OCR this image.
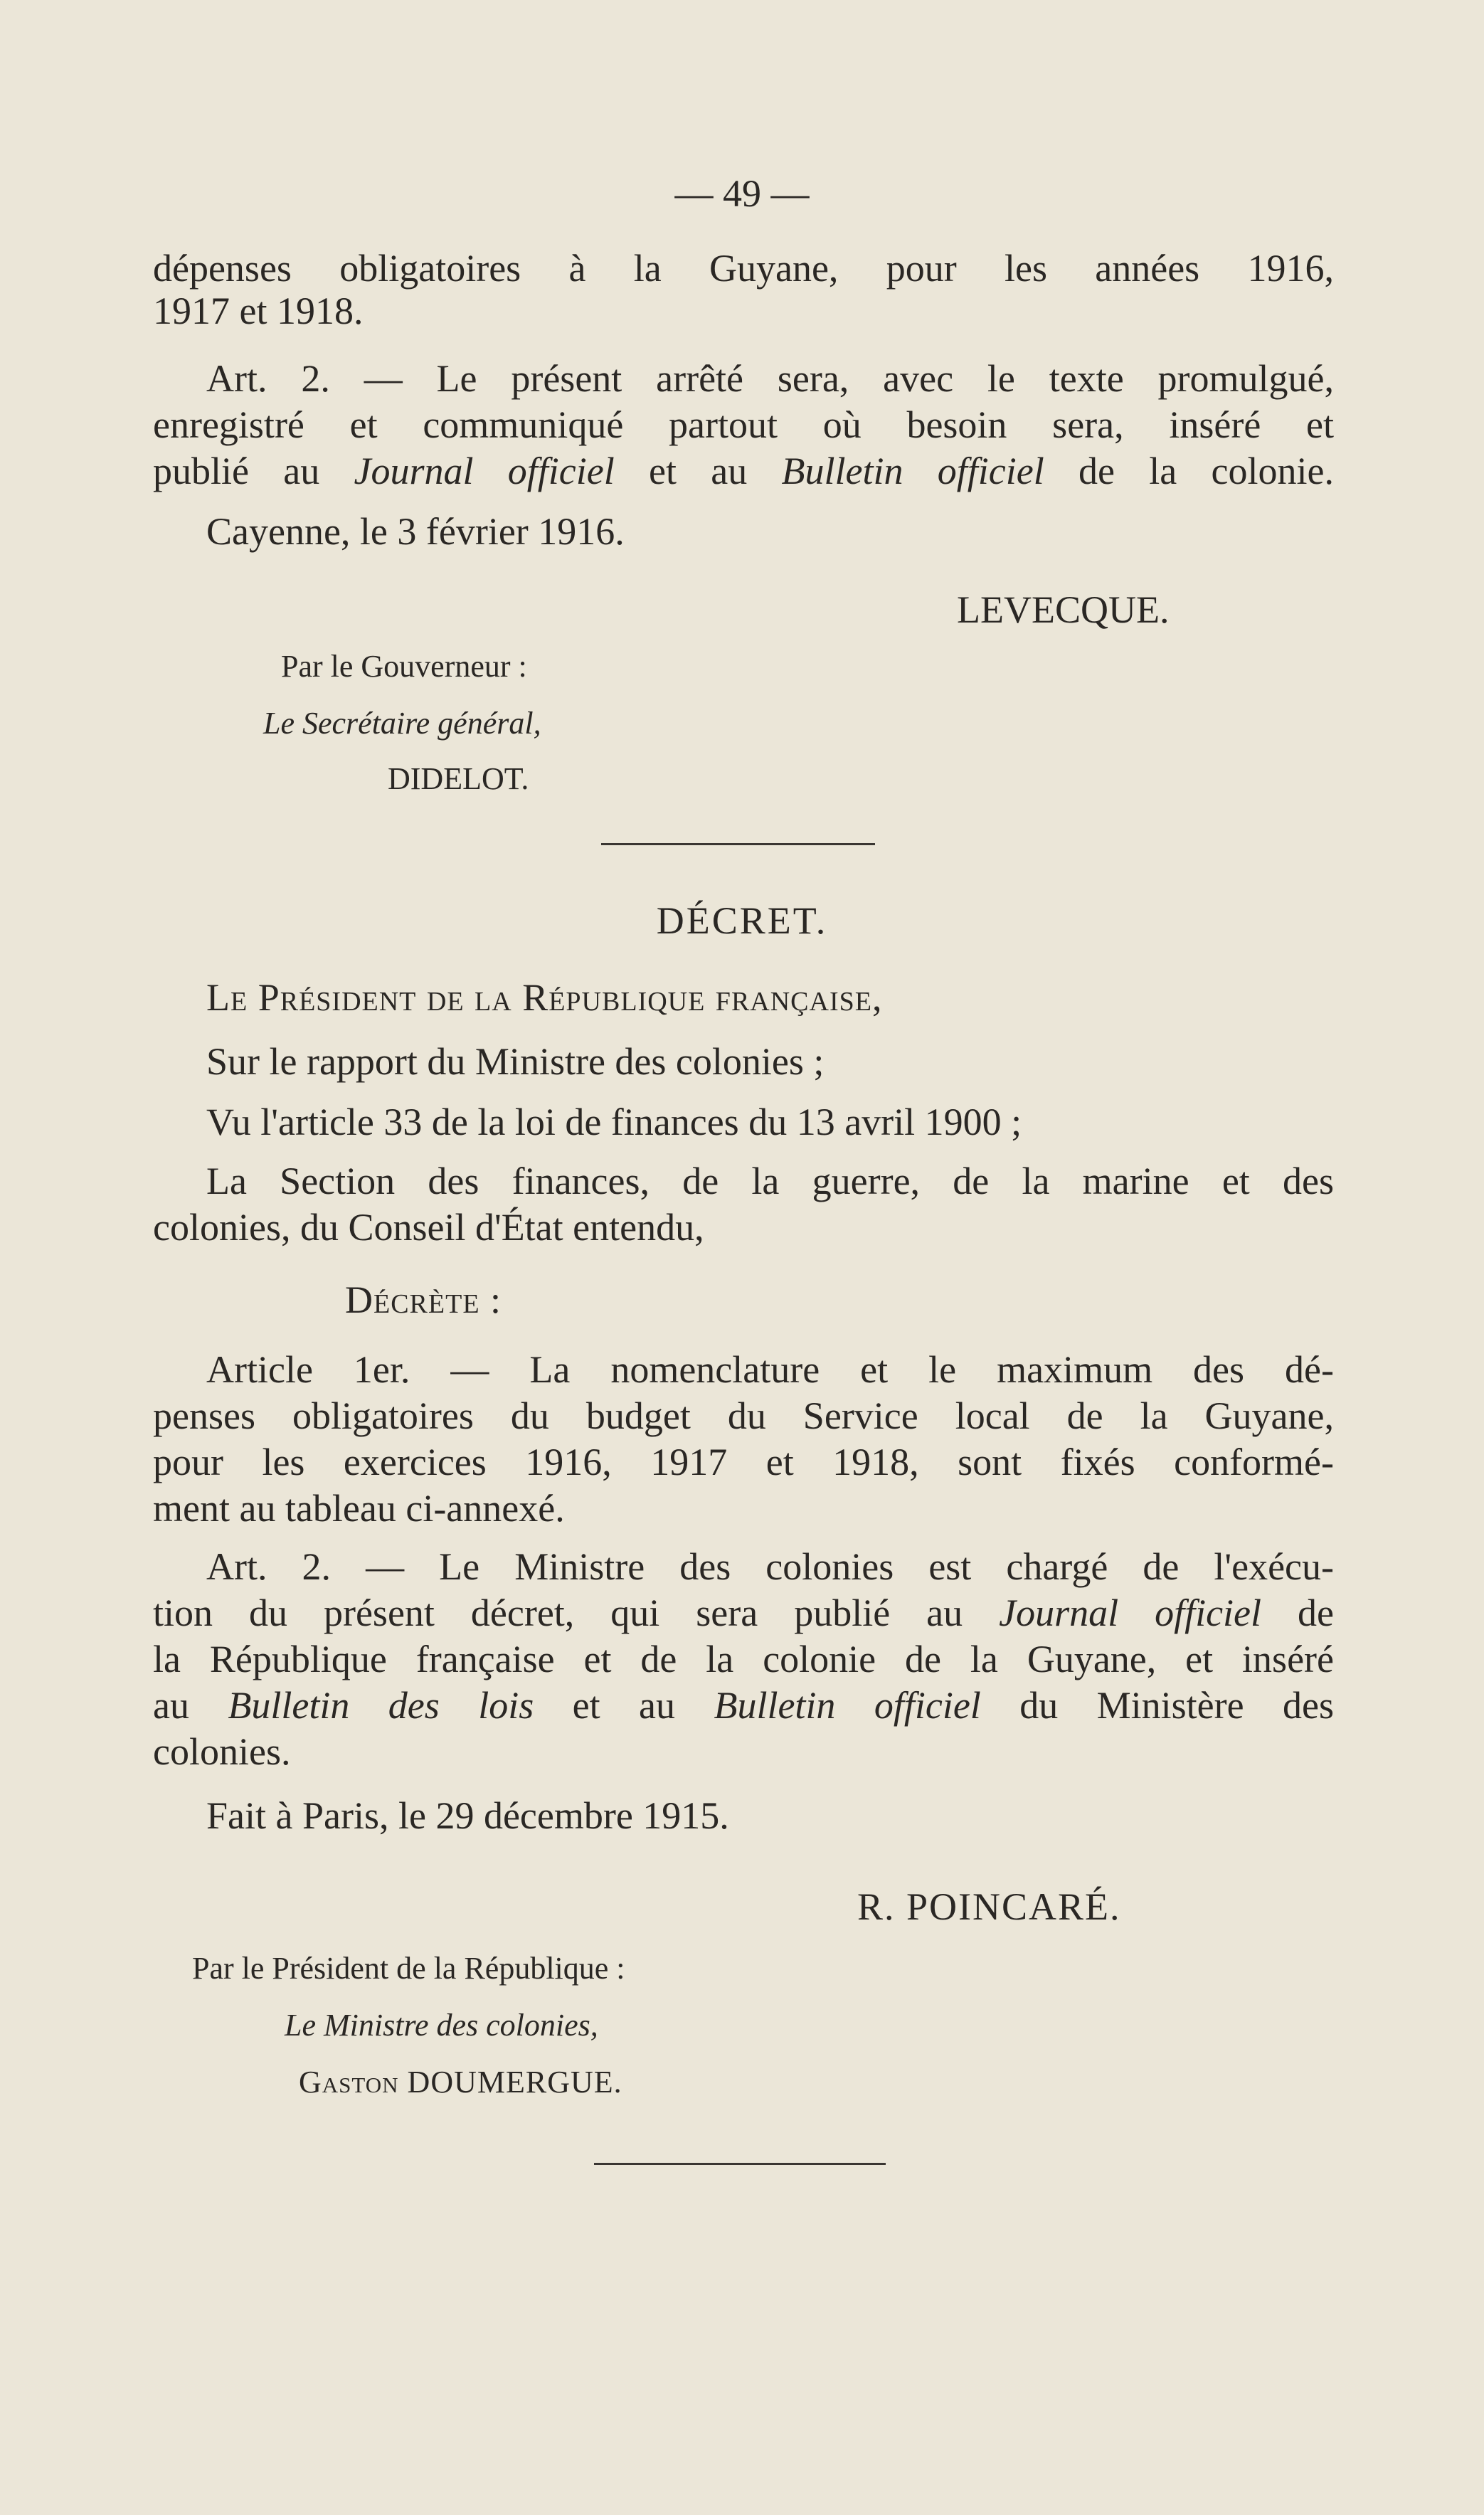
— 49 —
dépenses obligatoires à la Guyane, pour les années 1916,
1917 et 1918.
Art. 2. — Le présent arrêté sera, avec le texte promulgué,
enregistré et communiqué partout où besoin sera, inséré et
publié au Journal officiel et au Bulletin officiel de la colonie.
Cayenne, le 3 février 1916.
LEVECQUE.
Par le Gouverneur :
Le Secrétaire général,
DIDELOT.
DÉCRET.
Le Président de la République française,
Sur le rapport du Ministre des colonies ;
Vu l'article 33 de la loi de finances du 13 avril 1900 ;
La Section des finances, de la guerre, de la marine et des
colonies, du Conseil d'État entendu,
Décrète :
Article 1er. — La nomenclature et le maximum des dé-
penses obligatoires du budget du Service local de la Guyane,
pour les exercices 1916, 1917 et 1918, sont fixés conformé-
ment au tableau ci-annexé.
Art. 2. — Le Ministre des colonies est chargé de l'exécu-
tion du présent décret, qui sera publié au Journal officiel de
la République française et de la colonie de la Guyane, et inséré
au Bulletin des lois et au Bulletin officiel du Ministère des
colonies.
Fait à Paris, le 29 décembre 1915.
R. POINCARÉ.
Par le Président de la République :
Le Ministre des colonies,
Gaston DOUMERGUE.
